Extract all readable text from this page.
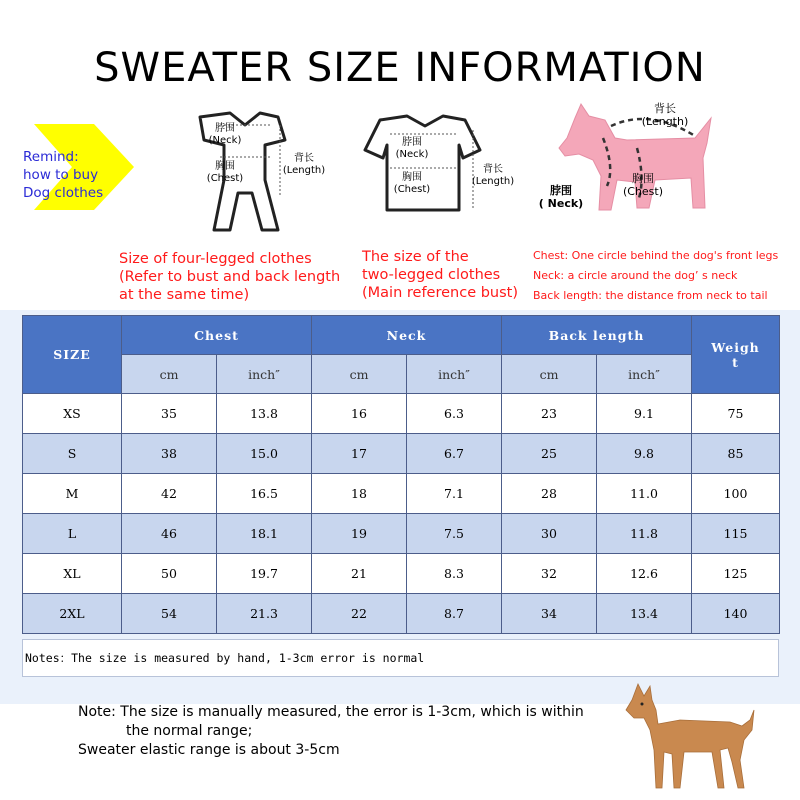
SWEATER SIZE INFORMATION
Remind:
how to buy
Dog clothes
脖围
(Neck)
胸围
(Chest)
背长
(Length)
脖围
(Neck)
胸围
(Chest)
背长
(Length)
背长
(Length)
胸围
(Chest)
脖围
( Neck)
Size of four-legged clothes
(Refer to bust and back length
at the same time)
The size of the
two-legged clothes
(Main reference bust)
Chest: One circle behind the dog's front legs
Neck: a circle around the dog’ s neck
Back length: the distance from neck to tail
SIZE	Chest		Neck		Back length		Weight
	cm	inch″	cm	inch″	cm	inch″	
XS	35	13.8	16	6.3	23	9.1	75
S	38	15.0	17	6.7	25	9.8	85
M	42	16.5	18	7.1	28	11.0	100
L	46	18.1	19	7.5	30	11.8	115
XL	50	19.7	21	8.3	32	12.6	125
2XL	54	21.3	22	8.7	34	13.4	140
Notes：The size is measured by hand, 1-3cm error is normal
Note: The size is manually measured, the error is 1-3cm, which is within
the normal range;
Sweater elastic range is about 3-5cm
